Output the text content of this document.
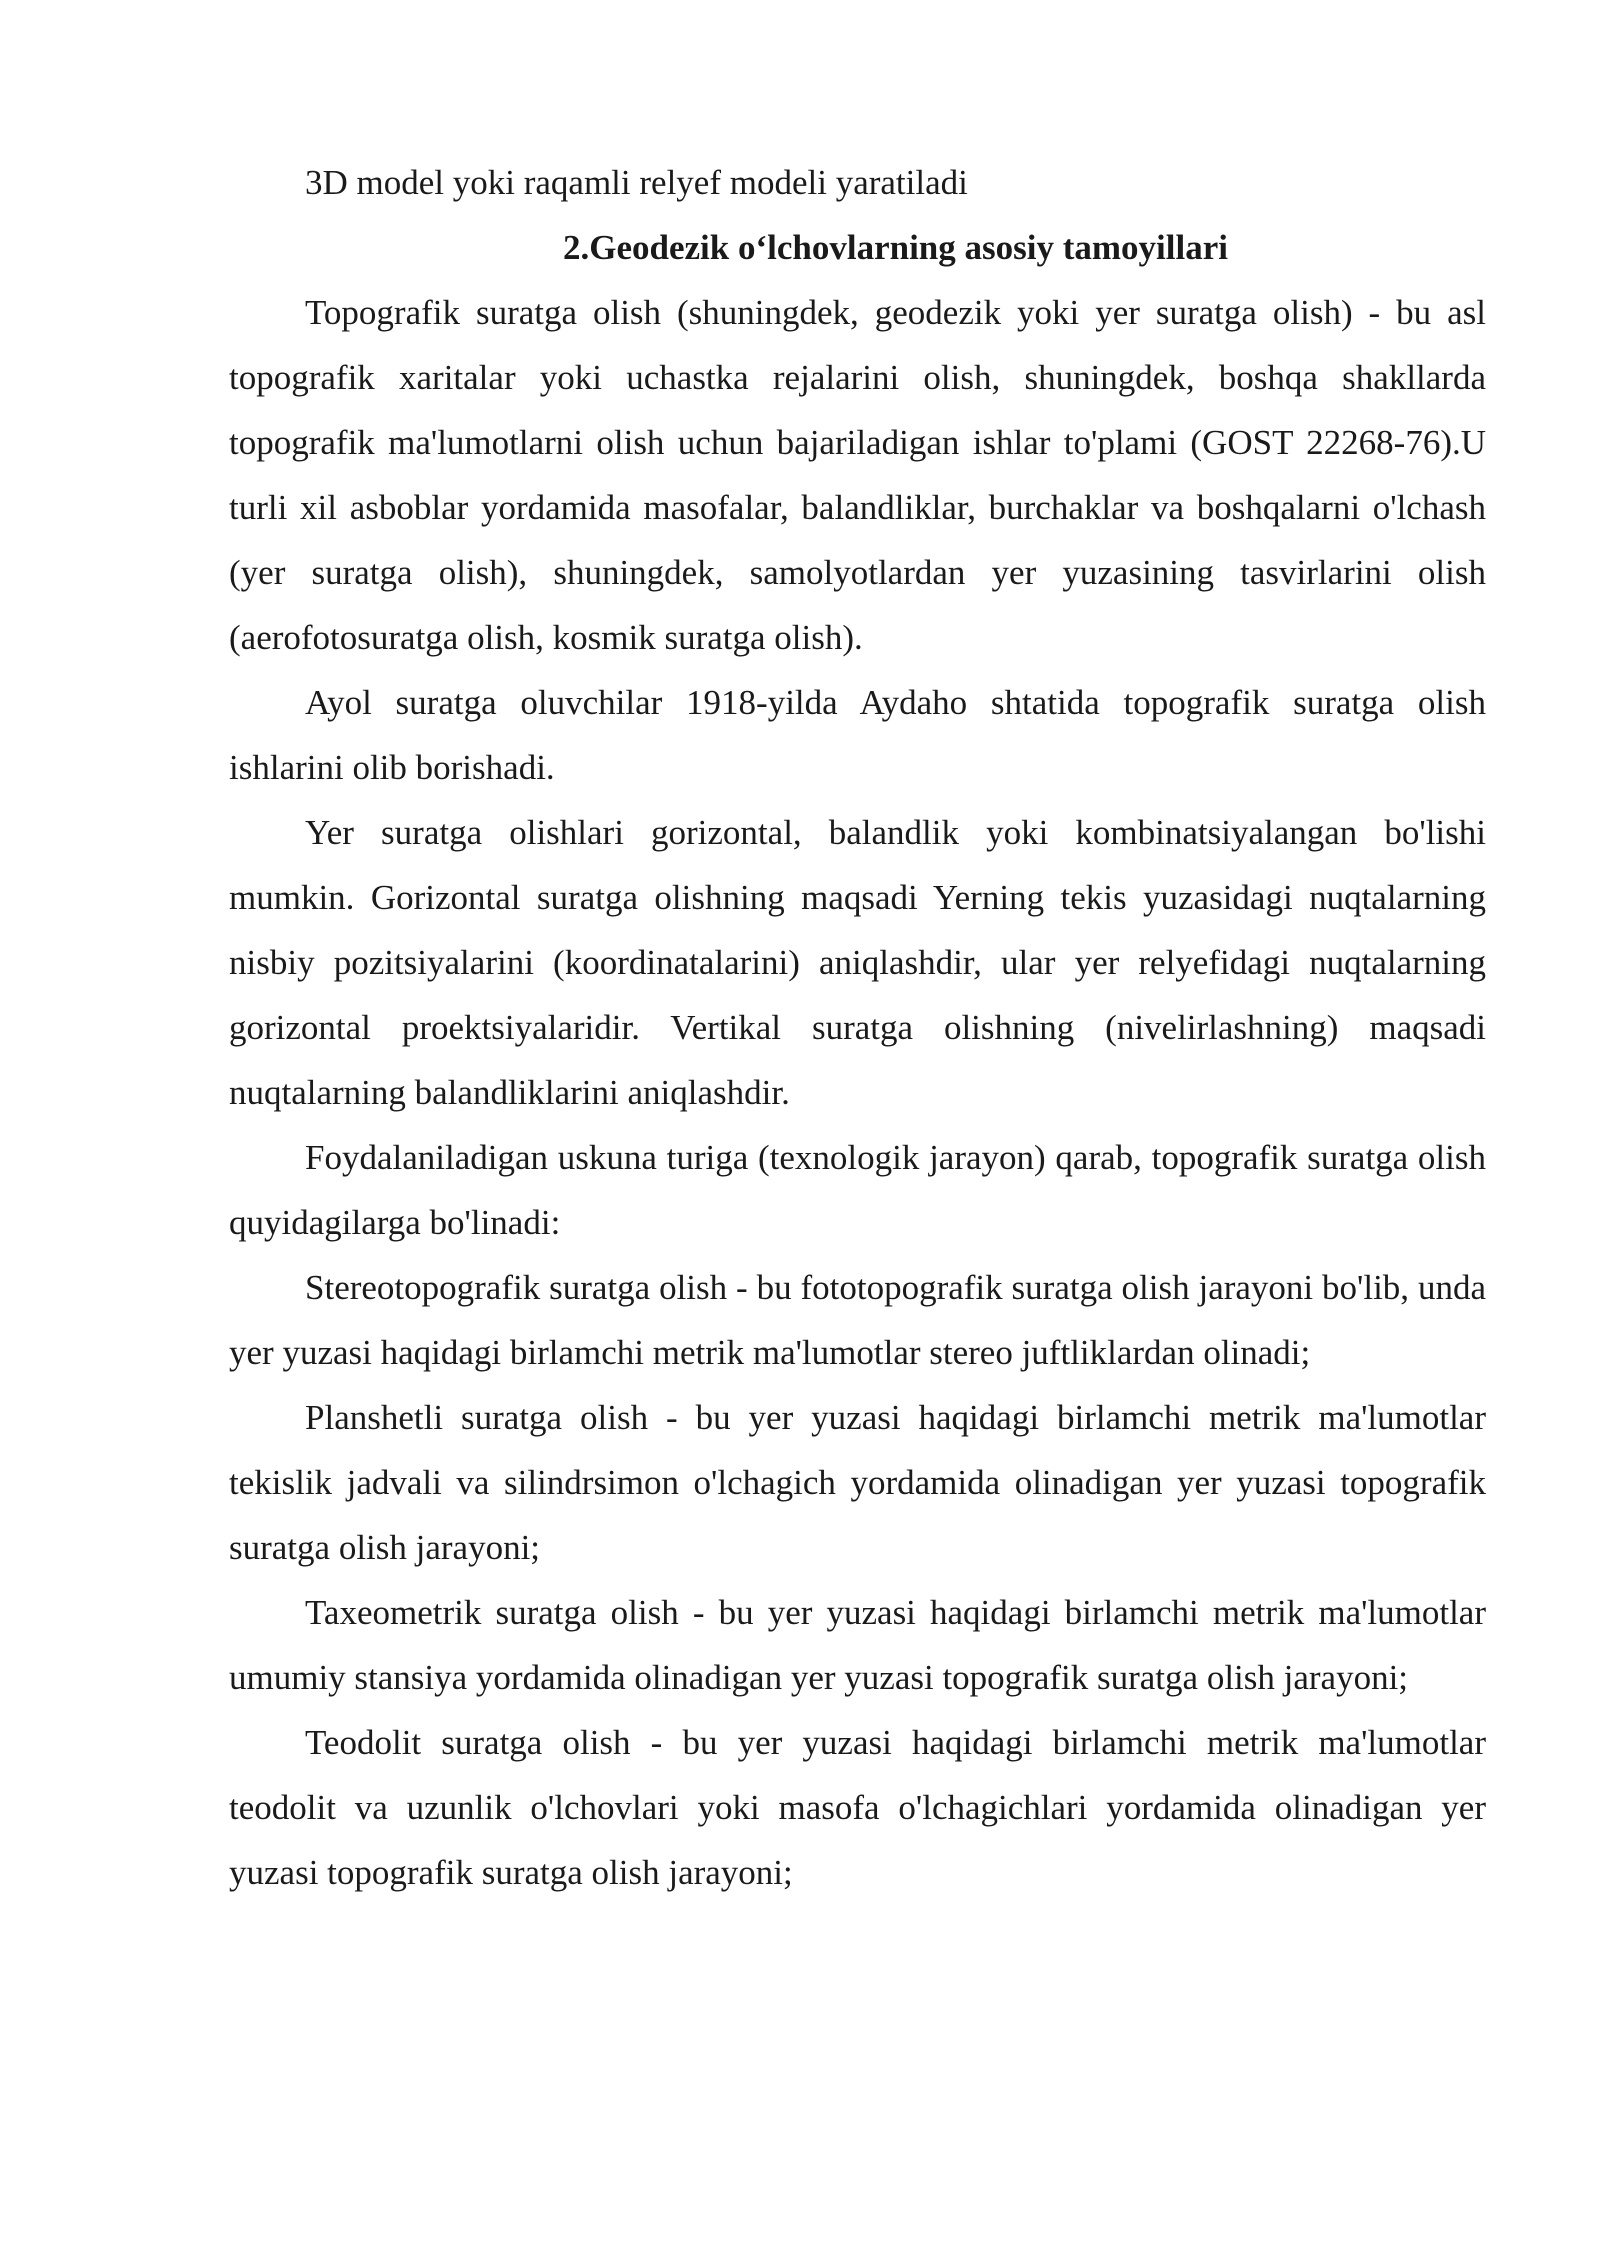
3D model yoki raqamli relyef modeli yaratiladi

2.Geodezik o‘lchovlarning asosiy tamoyillari

Topografik suratga olish (shuningdek, geodezik yoki yer suratga olish) - bu asl topografik xaritalar yoki uchastka rejalarini olish, shuningdek, boshqa shakllarda topografik ma'lumotlarni olish uchun bajariladigan ishlar to'plami (GOST 22268-76).U turli xil asboblar yordamida masofalar, balandliklar, burchaklar va boshqalarni o'lchash (yer suratga olish), shuningdek, samolyotlardan yer yuzasining tasvirlarini olish (aerofotosuratga olish, kosmik suratga olish).

Ayol suratga oluvchilar 1918-yilda Aydaho shtatida topografik suratga olish ishlarini olib borishadi.

Yer suratga olishlari gorizontal, balandlik yoki kombinatsiyalangan bo'lishi mumkin. Gorizontal suratga olishning maqsadi Yerning tekis yuzasidagi nuqtalarning nisbiy pozitsiyalarini (koordinatalarini) aniqlashdir, ular yer relyefidagi nuqtalarning gorizontal proektsiyalaridir. Vertikal suratga olishning (nivelirlashning) maqsadi nuqtalarning balandliklarini aniqlashdir.

Foydalaniladigan uskuna turiga (texnologik jarayon) qarab, topografik suratga olish quyidagilarga bo'linadi:

Stereotopografik suratga olish - bu fototopografik suratga olish jarayoni bo'lib, unda yer yuzasi haqidagi birlamchi metrik ma'lumotlar stereo juftliklardan olinadi;

Planshetli suratga olish - bu yer yuzasi haqidagi birlamchi metrik ma'lumotlar tekislik jadvali va silindrsimon o'lchagich yordamida olinadigan yer yuzasi topografik suratga olish jarayoni;

Taxeometrik suratga olish - bu yer yuzasi haqidagi birlamchi metrik ma'lumotlar umumiy stansiya yordamida olinadigan yer yuzasi topografik suratga olish jarayoni;

Teodolit suratga olish - bu yer yuzasi haqidagi birlamchi metrik ma'lumotlar teodolit va uzunlik o'lchovlari yoki masofa o'lchagichlari yordamida olinadigan yer yuzasi topografik suratga olish jarayoni;
